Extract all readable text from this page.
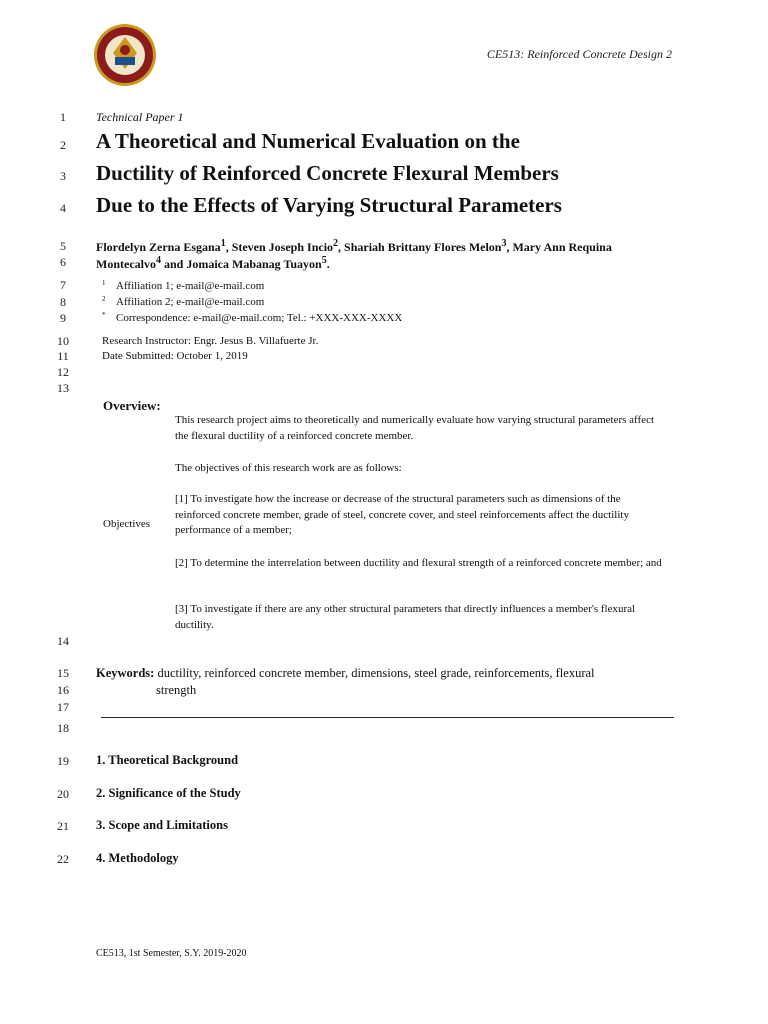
CE513: Reinforced Concrete Design 2
1
2
3
4
5
6
7
8
9
10
11
12
13
14
15
16
17
18
19
20
21
22
Technical Paper 1
A Theoretical and Numerical Evaluation on the
Ductility of Reinforced Concrete Flexural Members
Due to the Effects of Varying Structural Parameters
Flordelyn Zerna Esgana$^1$, Steven Joseph Incio$^2$, Shariah Brittany Flores Melon$^3$, Mary Ann Requina
Montecalvo$^4$ and Jomaica Mabanag Tuayon$^5$.
$^1$ Affiliation 1; e-mail@e-mail.com
$^2$ Affiliation 2; e-mail@e-mail.com
* Correspondence: e-mail@e-mail.com; Tel.: +XXX-XXX-XXXX
Research Instructor: Engr. Jesus B. Villafuerte Jr.
Date Submitted: October 1, 2019
Overview:
Objectives
This research project aims to theoretically and numerically evaluate how varying structural parameters affect the flexural ductility of a reinforced concrete member.
The objectives of this research work are as follows:
[1] To investigate how the increase or decrease of the structural parameters such as dimensions of the reinforced concrete member, grade of steel, concrete cover, and steel reinforcements affect the ductility performance of a member;
[2] To determine the interrelation between ductility and flexural strength of a reinforced concrete member; and
[3] To investigate if there are any other structural parameters that directly influences a member's flexural ductility.
Keywords: ductility, reinforced concrete member, dimensions, steel grade, reinforcements, flexural
strength
1. Theoretical Background
2. Significance of the Study
3. Scope and Limitations
4. Methodology
CE513, 1st Semester, S.Y. 2019-2020
